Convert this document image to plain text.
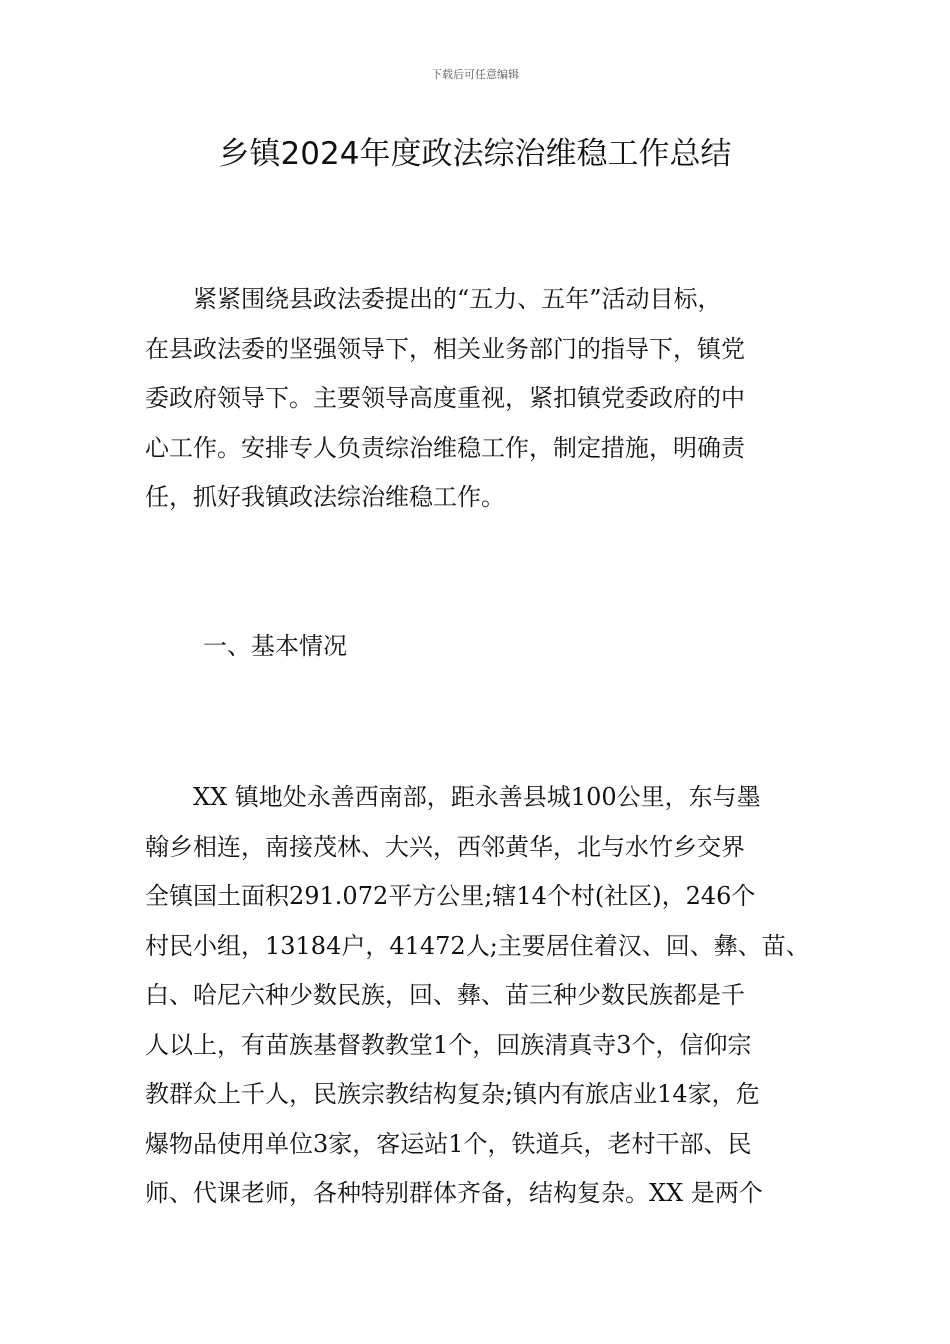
下载后可任意编辑
乡镇2024年度政法综治维稳工作总结
　　紧紧围绕县政法委提出的“五力、五年”活动目标，
在县政法委的坚强领导下，相关业务部门的指导下，镇党
委政府领导下。主要领导高度重视，紧扣镇党委政府的中
心工作。安排专人负责综治维稳工作，制定措施，明确责
任，抓好我镇政法综治维稳工作。
一、基本情况
　　XX 镇地处永善西南部，距永善县城100公里，东与墨
翰乡相连，南接茂林、大兴，西邻黄华，北与水竹乡交界
全镇国土面积291.072平方公里;辖14个村(社区)，246个
村民小组，13184户，41472人;主要居住着汉、回、彝、苗、
白、哈尼六种少数民族，回、彝、苗三种少数民族都是千
人以上，有苗族基督教教堂1个，回族清真寺3个，信仰宗
教群众上千人，民族宗教结构复杂;镇内有旅店业14家，危
爆物品使用单位3家，客运站1个，铁道兵，老村干部、民
师、代课老师，各种特别群体齐备，结构复杂。XX 是两个
